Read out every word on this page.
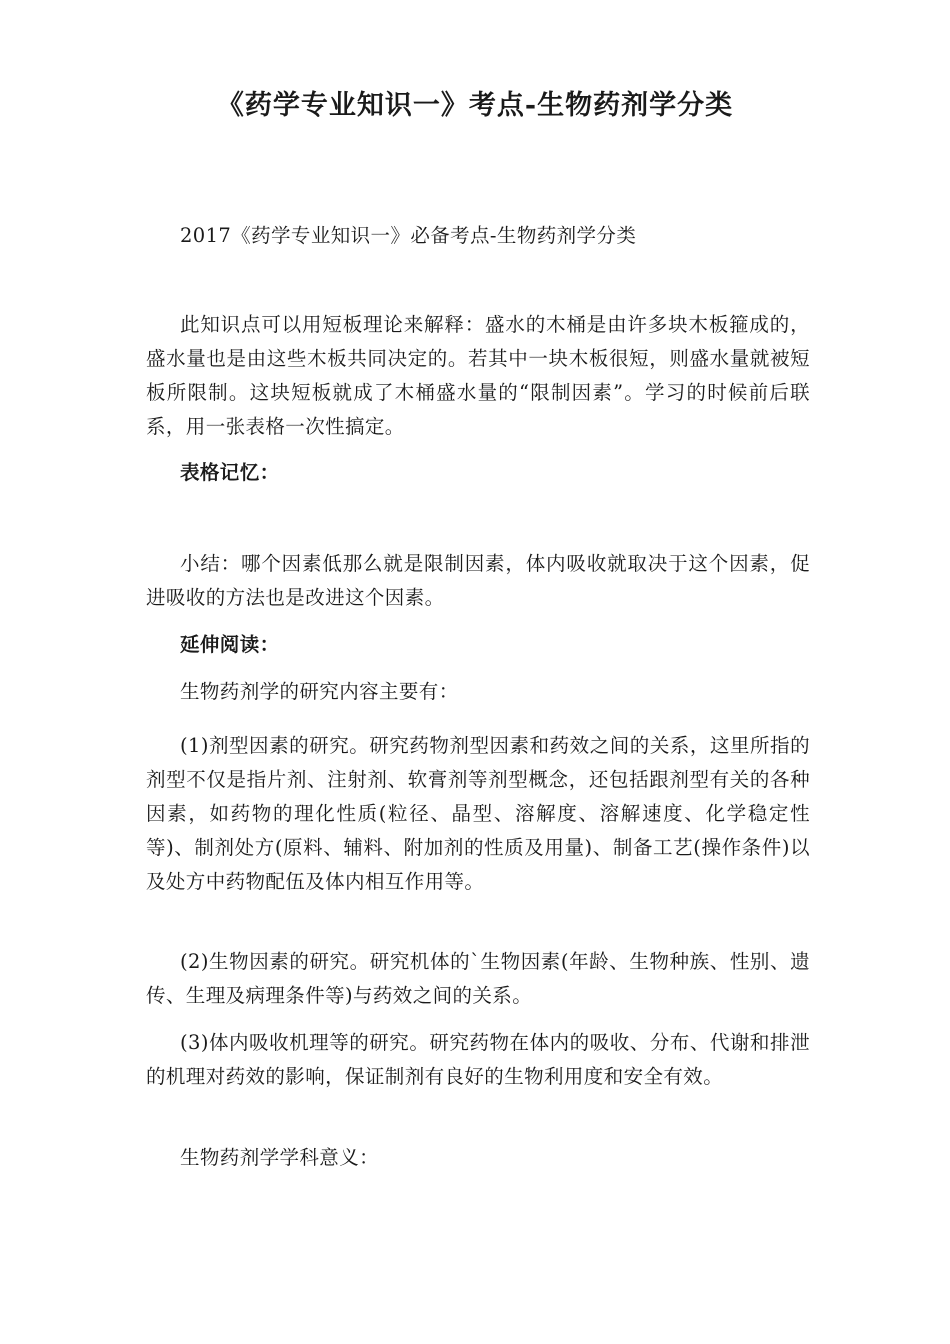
《药学专业知识一》考点-生物药剂学分类

2017《药学专业知识一》必备考点-生物药剂学分类

此知识点可以用短板理论来解释：盛水的木桶是由许多块木板箍成的，盛水量也是由这些木板共同决定的。若其中一块木板很短，则盛水量就被短板所限制。这块短板就成了木桶盛水量的“限制因素”。学习的时候前后联系，用一张表格一次性搞定。

表格记忆：

小结：哪个因素低那么就是限制因素，体内吸收就取决于这个因素，促进吸收的方法也是改进这个因素。

延伸阅读：

生物药剂学的研究内容主要有：

(1)剂型因素的研究。研究药物剂型因素和药效之间的关系，这里所指的剂型不仅是指片剂、注射剂、软膏剂等剂型概念，还包括跟剂型有关的各种因素，如药物的理化性质(粒径、晶型、溶解度、溶解速度、化学稳定性等)、制剂处方(原料、辅料、附加剂的性质及用量)、制备工艺(操作条件)以及处方中药物配伍及体内相互作用等。

(2)生物因素的研究。研究机体的`生物因素(年龄、生物种族、性别、遗传、生理及病理条件等)与药效之间的关系。

(3)体内吸收机理等的研究。研究药物在体内的吸收、分布、代谢和排泄的机理对药效的影响，保证制剂有良好的生物利用度和安全有效。

生物药剂学学科意义：
